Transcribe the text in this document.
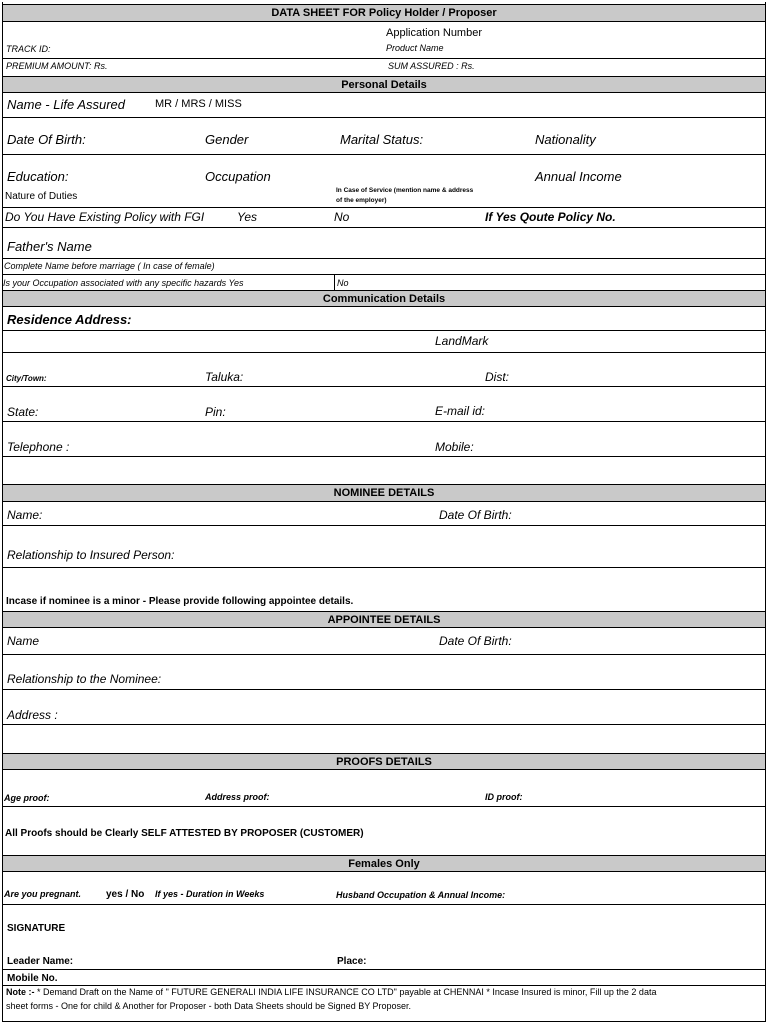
DATA SHEET FOR Policy Holder / Proposer
Application Number
TRACK ID:	Product Name
PREMIUM AMOUNT: Rs.	SUM ASSURED : Rs.
Personal Details
Name - Life Assured	MR / MRS / MISS
Date Of Birth:	Gender	Marital Status:	Nationality
Education:	Occupation	Annual Income
Nature of Duties
In Case of Service (mention name & address
of the employer)
Do You Have Existing Policy with FGI	Yes	No	If Yes Qoute Policy No.
Father's Name
Complete Name before marriage ( In case of female)
Is your Occupation associated with any specific hazards Yes	No
Communication Details
Residence Address:
LandMark
City/Town:	Taluka:	Dist:
State:	Pin:	E-mail id:
Telephone :	Mobile:
NOMINEE DETAILS
Name:	Date Of Birth:
Relationship to Insured Person:
Incase if nominee is a minor - Please provide following appointee details.
APPOINTEE DETAILS
Name	Date Of Birth:
Relationship to the Nominee:
Address :
PROOFS DETAILS
Age proof:	Address proof:	ID proof:
All Proofs should be Clearly SELF ATTESTED BY PROPOSER (CUSTOMER)
Females Only
Are you pregnant. yes / No If yes - Duration in Weeks	Husband Occupation & Annual Income:
SIGNATURE
Leader Name:	Place:
Mobile No.
Note :- * Demand Draft on the Name of " FUTURE GENERALI INDIA LIFE INSURANCE CO LTD" payable at CHENNAI * Incase Insured is minor, Fill up the 2 data
sheet forms - One for child & Another for Proposer - both Data Sheets should be Signed BY Proposer.
